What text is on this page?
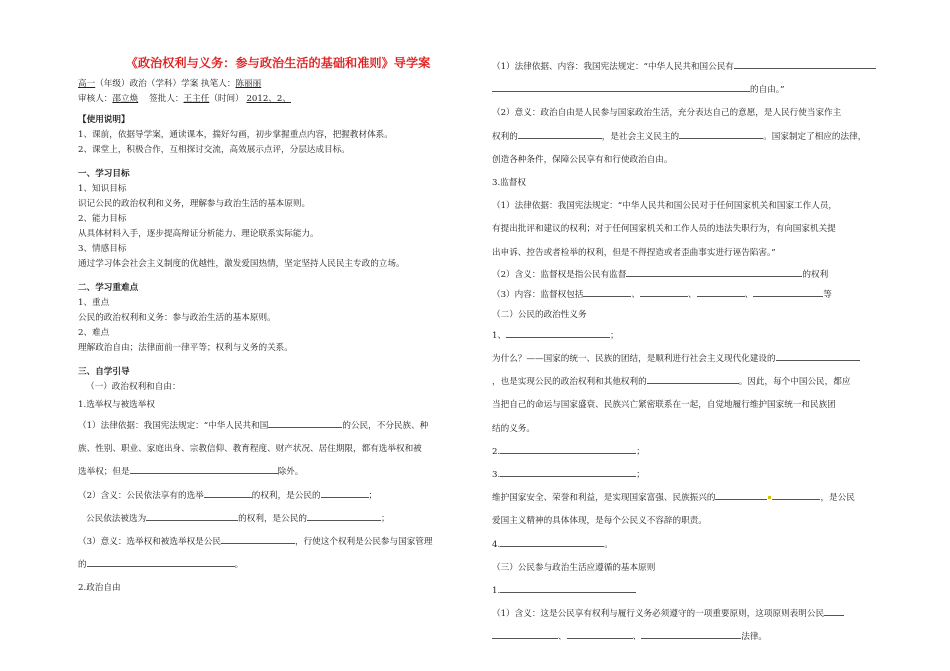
《政治权利与义务：参与政治生活的基础和准则》导学案
高一（年级）政治（学科）学案 执笔人：陈丽丽
审核人：邵立焕 签批人：王主任（时间） 2012、2、
【使用说明】
1、课前，依据导学案，通读课本，揣好勾画，初步掌握重点内容，把握教材体系。
2、课堂上，积极合作，互相探讨交流，高效展示点评，分层达成目标。
一、学习目标
1、知识目标
识记公民的政治权利和义务，理解参与政治生活的基本原则。
2、能力目标
从具体材料入手，逐步提高辩证分析能力、理论联系实际能力。
3、情感目标
通过学习体会社会主义制度的优越性，激发爱国热情，坚定坚持人民民主专政的立场。
二、学习重难点
1、重点
公民的政治权利和义务：参与政治生活的基本原则。
2、难点
理解政治自由；法律面前一律平等；权利与义务的关系。
三、自学引导
（一）政治权利和自由：
1.选举权与被选举权
（1）法律依据：我国宪法规定：“中华人民共和国	的公民，不分民族、种
族、性别、职业、家庭出身、宗教信仰、教育程度、财产状况、居住期限，都有选举权和被
选举权；但是	除外。
（2）含义：公民依法享有的选举	的权利，是公民的	；
公民依法被选为	的权利，是公民的	；
（3）意义：选举权和被选举权是公民	，行使这个权利是公民参与国家管理
的	。
2.政治自由
（1）法律依据、内容：我国宪法规定：“中华人民共和国公民有
的自由。”
（2）意义：政治自由是人民参与国家政治生活，充分表达自己的意愿，是人民行使当家作主
权利的	，是社会主义民主的	。国家制定了相应的法律，
创造各种条件，保障公民享有和行使政治自由。
3.监督权
（1）法律依据：我国宪法规定：“中华人民共和国公民对于任何国家机关和国家工作人员，
有提出批评和建议的权利；对于任何国家机关和工作人员的违法失职行为，有向国家机关提
出申诉、控告或者检举的权利，但是不得捏造或者歪曲事实进行诬告陷害。”
（2）含义：监督权是指公民有监督	的权利
（3）内容：监督权包括	、	、	、	等
（二）公民的政治性义务
1、	；
为什么？——国家的统一、民族的团结，是顺利进行社会主义现代化建设的
，也是实现公民的政治权利和其他权利的	。因此，每个中国公民，都应
当把自己的命运与国家盛衰、民族兴亡紧密联系在一起，自觉地履行维护国家统一和民族团
结的义务。
2.	；
3.	；
维护国家安全、荣誉和利益，是实现国家富强、民族振兴的	，是公民
爱国主义精神的具体体现，是每个公民义不容辞的职责。
4.	。
（三）公民参与政治生活应遵循的基本原则
1.
（1）含义：这是公民享有权利与履行义务必须遵守的一项重要原则，这项原则表明公民
、	、	法律。
